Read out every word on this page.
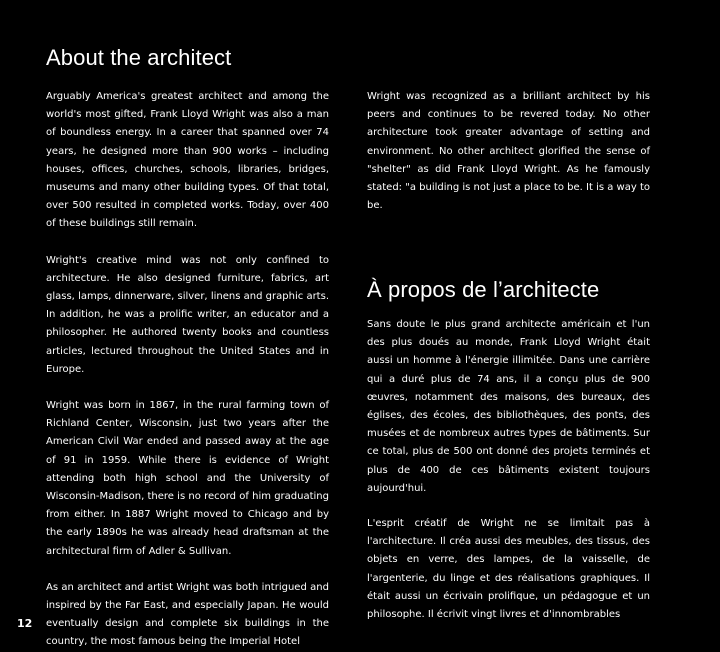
About the architect

Arguably America's greatest architect and among the world's most gifted, Frank Lloyd Wright was also a man of boundless energy. In a career that spanned over 74 years, he designed more than 900 works – including houses, offices, churches, schools, libraries, bridges, museums and many other building types. Of that total, over 500 resulted in completed works. Today, over 400 of these buildings still remain.

Wright's creative mind was not only confined to architecture. He also designed furniture, fabrics, art glass, lamps, dinnerware, silver, linens and graphic arts. In addition, he was a prolific writer, an educator and a philosopher. He authored twenty books and countless articles, lectured throughout the United States and in Europe.

Wright was born in 1867, in the rural farming town of Richland Center, Wisconsin, just two years after the American Civil War ended and passed away at the age of 91 in 1959. While there is evidence of Wright attending both high school and the University of Wisconsin-Madison, there is no record of him graduating from either. In 1887 Wright moved to Chicago and by the early 1890s he was already head draftsman at the architectural firm of Adler & Sullivan.

As an architect and artist Wright was both intrigued and inspired by the Far East, and especially Japan. He would eventually design and complete six buildings in the country, the most famous being the Imperial Hotel

Wright was recognized as a brilliant architect by his peers and continues to be revered today. No other architecture took greater advantage of setting and environment. No other architect glorified the sense of "shelter" as did Frank Lloyd Wright. As he famously stated: "a building is not just a place to be. It is a way to be.

À propos de l’architecte

Sans doute le plus grand architecte américain et l'un des plus doués au monde, Frank Lloyd Wright était aussi un homme à l'énergie illimitée. Dans une carrière qui a duré plus de 74 ans, il a conçu plus de 900 œuvres, notamment des maisons, des bureaux, des églises, des écoles, des bibliothèques, des ponts, des musées et de nombreux autres types de bâtiments. Sur ce total, plus de 500 ont donné des projets terminés et plus de 400 de ces bâtiments existent toujours aujourd'hui.

L'esprit créatif de Wright ne se limitait pas à l'architecture. Il créa aussi des meubles, des tissus, des objets en verre, des lampes, de la vaisselle, de l'argenterie, du linge et des réalisations graphiques. Il était aussi un écrivain prolifique, un pédagogue et un philosophe. Il écrivit vingt livres et d'innombrables

12
